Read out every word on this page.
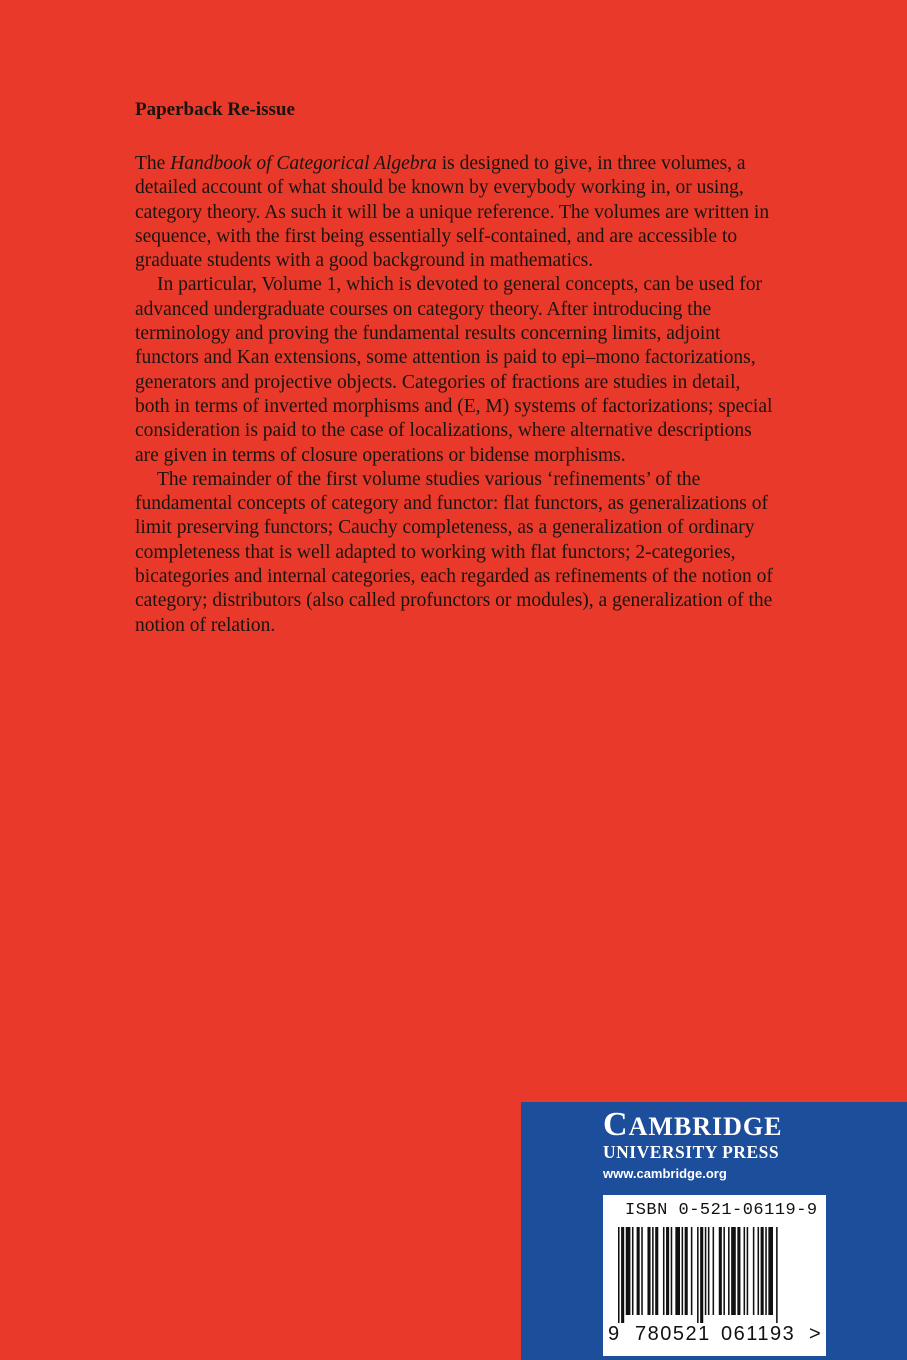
Paperback Re-issue

The Handbook of Categorical Algebra is designed to give, in three volumes, a detailed account of what should be known by everybody working in, or using, category theory. As such it will be a unique reference. The volumes are written in sequence, with the first being essentially self-contained, and are accessible to graduate students with a good background in mathematics.

In particular, Volume 1, which is devoted to general concepts, can be used for advanced undergraduate courses on category theory. After introducing the terminology and proving the fundamental results concerning limits, adjoint functors and Kan extensions, some attention is paid to epi–mono factorizations, generators and projective objects. Categories of fractions are studies in detail, both in terms of inverted morphisms and (E, M) systems of factorizations; special consideration is paid to the case of localizations, where alternative descriptions are given in terms of closure operations or bidense morphisms.

The remainder of the first volume studies various ‘refinements’ of the fundamental concepts of category and functor: flat functors, as generalizations of limit preserving functors; Cauchy completeness, as a generalization of ordinary completeness that is well adapted to working with flat functors; 2-categories, bicategories and internal categories, each regarded as refinements of the notion of category; distributors (also called profunctors or modules), a generalization of the notion of relation.

CAMBRIDGE
UNIVERSITY PRESS
www.cambridge.org
ISBN 0-521-06119-9
9 780521 061193 >
